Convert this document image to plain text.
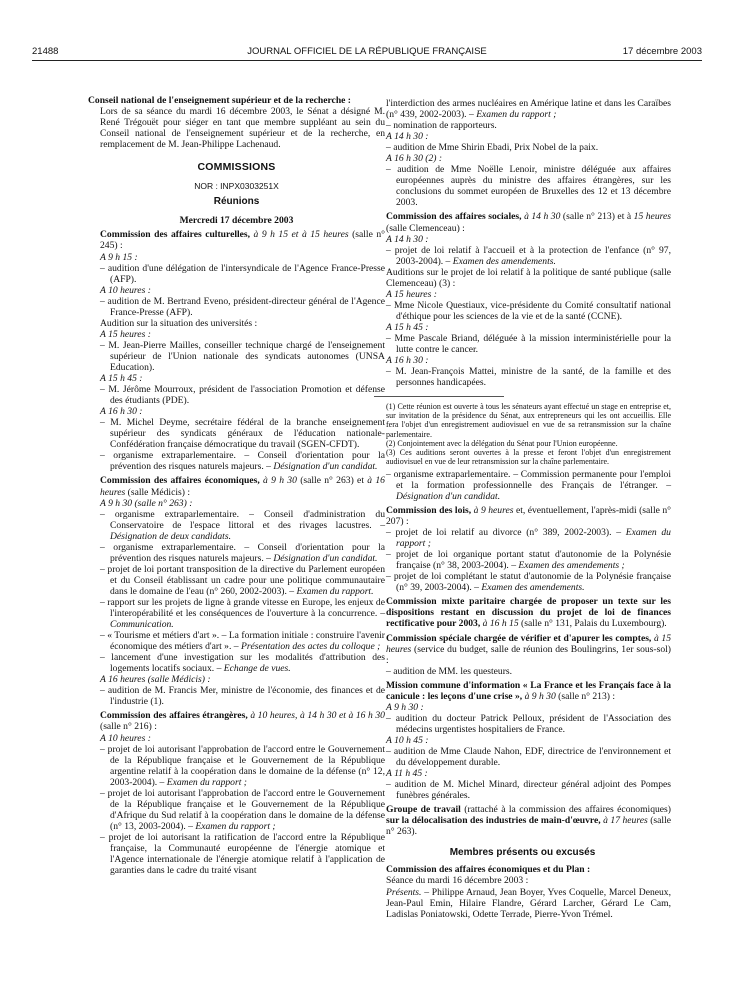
21488	JOURNAL OFFICIEL DE LA RÉPUBLIQUE FRANÇAISE	17 décembre 2003

Conseil national de l'enseignement supérieur et de la recherche :

Lors de sa séance du mardi 16 décembre 2003, le Sénat a désigné M. René Trégouët pour siéger en tant que membre suppléant au sein du Conseil national de l'enseignement supérieur et de la recherche, en remplacement de M. Jean-Philippe Lachenaud.

COMMISSIONS
NOR : INPX0303251X
Réunions
Mercredi 17 décembre 2003

Commission des affaires culturelles, à 9 h 15 et à 15 heures (salle n° 245) :

A 9 h 15 :

– audition d'une délégation de l'intersyndicale de l'Agence France-Presse (AFP).

A 10 heures :

– audition de M. Bertrand Eveno, président-directeur général de l'Agence France-Presse (AFP).

Audition sur la situation des universités :

A 15 heures :

– M. Jean-Pierre Mailles, conseiller technique chargé de l'enseignement supérieur de l'Union nationale des syndicats autonomes (UNSA Education).

A 15 h 45 :

– M. Jérôme Mourroux, président de l'association Promotion et défense des étudiants (PDE).

A 16 h 30 :

– M. Michel Deyme, secrétaire fédéral de la branche enseignement supérieur des syndicats généraux de l'éducation nationale-Confédération française démocratique du travail (SGEN-CFDT).

– organisme extraparlementaire. – Conseil d'orientation pour la prévention des risques naturels majeurs. – Désignation d'un candidat.

Commission des affaires économiques, à 9 h 30 (salle n° 263) et à 16 heures (salle Médicis) :

A 9 h 30 (salle n° 263) :

– organisme extraparlementaire. – Conseil d'administration du Conservatoire de l'espace littoral et des rivages lacustres. – Désignation de deux candidats.

– organisme extraparlementaire. – Conseil d'orientation pour la prévention des risques naturels majeurs. – Désignation d'un candidat.

– projet de loi portant transposition de la directive du Parlement européen et du Conseil établissant un cadre pour une politique communautaire dans le domaine de l'eau (n° 260, 2002-2003). – Examen du rapport.

– rapport sur les projets de ligne à grande vitesse en Europe, les enjeux de l'interopérabilité et les conséquences de l'ouverture à la concurrence. – Communication.

– « Tourisme et métiers d'art ». – La formation initiale : construire l'avenir économique des métiers d'art ». – Présentation des actes du colloque ;

– lancement d'une investigation sur les modalités d'attribution des logements locatifs sociaux. – Echange de vues.

A 16 heures (salle Médicis) :

– audition de M. Francis Mer, ministre de l'économie, des finances et de l'industrie (1).

Commission des affaires étrangères, à 10 heures, à 14 h 30 et à 16 h 30 (salle n° 216) :

A 10 heures :

– projet de loi autorisant l'approbation de l'accord entre le Gouvernement de la République française et le Gouvernement de la République argentine relatif à la coopération dans le domaine de la défense (n° 12, 2003-2004). – Examen du rapport ;

– projet de loi autorisant l'approbation de l'accord entre le Gouvernement de la République française et le Gouvernement de la République d'Afrique du Sud relatif à la coopération dans le domaine de la défense (n° 13, 2003-2004). – Examen du rapport ;

– projet de loi autorisant la ratification de l'accord entre la République française, la Communauté européenne de l'énergie atomique et l'Agence internationale de l'énergie atomique relatif à l'application de garanties dans le cadre du traité visant

l'interdiction des armes nucléaires en Amérique latine et dans les Caraïbes (n° 439, 2002-2003). – Examen du rapport ;

– nomination de rapporteurs.

A 14 h 30 :

– audition de Mme Shirin Ebadi, Prix Nobel de la paix.

A 16 h 30 (2) :

– audition de Mme Noëlle Lenoir, ministre déléguée aux affaires européennes auprès du ministre des affaires étrangères, sur les conclusions du sommet européen de Bruxelles des 12 et 13 décembre 2003.

Commission des affaires sociales, à 14 h 30 (salle n° 213) et à 15 heures (salle Clemenceau) :

A 14 h 30 :

– projet de loi relatif à l'accueil et à la protection de l'enfance (n° 97, 2003-2004). – Examen des amendements.

Auditions sur le projet de loi relatif à la politique de santé publique (salle Clemenceau) (3) :

A 15 heures :

– Mme Nicole Questiaux, vice-présidente du Comité consultatif national d'éthique pour les sciences de la vie et de la santé (CCNE).

A 15 h 45 :

– Mme Pascale Briand, déléguée à la mission interministérielle pour la lutte contre le cancer.

A 16 h 30 :

– M. Jean-François Mattei, ministre de la santé, de la famille et des personnes handicapées.

(1) Cette réunion est ouverte à tous les sénateurs ayant effectué un stage en entreprise et, sur invitation de la présidence du Sénat, aux entrepreneurs qui les ont accueillis. Elle fera l'objet d'un enregistrement audiovisuel en vue de sa retransmission sur la chaîne parlementaire.

(2) Conjointement avec la délégation du Sénat pour l'Union européenne.

(3) Ces auditions seront ouvertes à la presse et feront l'objet d'un enregistrement audiovisuel en vue de leur retransmission sur la chaîne parlementaire.

– organisme extraparlementaire. – Commission permanente pour l'emploi et la formation professionnelle des Français de l'étranger. – Désignation d'un candidat.

Commission des lois, à 9 heures et, éventuellement, l'après-midi (salle n° 207) :

– projet de loi relatif au divorce (n° 389, 2002-2003). – Examen du rapport ;

– projet de loi organique portant statut d'autonomie de la Polynésie française (n° 38, 2003-2004). – Examen des amendements ;

– projet de loi complétant le statut d'autonomie de la Polynésie française (n° 39, 2003-2004). – Examen des amendements.

Commission mixte paritaire chargée de proposer un texte sur les dispositions restant en discussion du projet de loi de finances rectificative pour 2003, à 16 h 15 (salle n° 131, Palais du Luxembourg).

Commission spéciale chargée de vérifier et d'apurer les comptes, à 15 heures (service du budget, salle de réunion des Boulingrins, 1er sous-sol) :

– audition de MM. les questeurs.

Mission commune d'information « La France et les Français face à la canicule : les leçons d'une crise », à 9 h 30 (salle n° 213) :

A 9 h 30 :

– audition du docteur Patrick Pelloux, président de l'Association des médecins urgentistes hospitaliers de France.

A 10 h 45 :

– audition de Mme Claude Nahon, EDF, directrice de l'environnement et du développement durable.

A 11 h 45 :

– audition de M. Michel Minard, directeur général adjoint des Pompes funèbres générales.

Groupe de travail (rattaché à la commission des affaires économiques) sur la délocalisation des industries de main-d'œuvre, à 17 heures (salle n° 263).

Membres présents ou excusés

Commission des affaires économiques et du Plan :

Séance du mardi 16 décembre 2003 :

Présents. – Philippe Arnaud, Jean Boyer, Yves Coquelle, Marcel Deneux, Jean-Paul Emin, Hilaire Flandre, Gérard Larcher, Gérard Le Cam, Ladislas Poniatowski, Odette Terrade, Pierre-Yvon Trémel.
